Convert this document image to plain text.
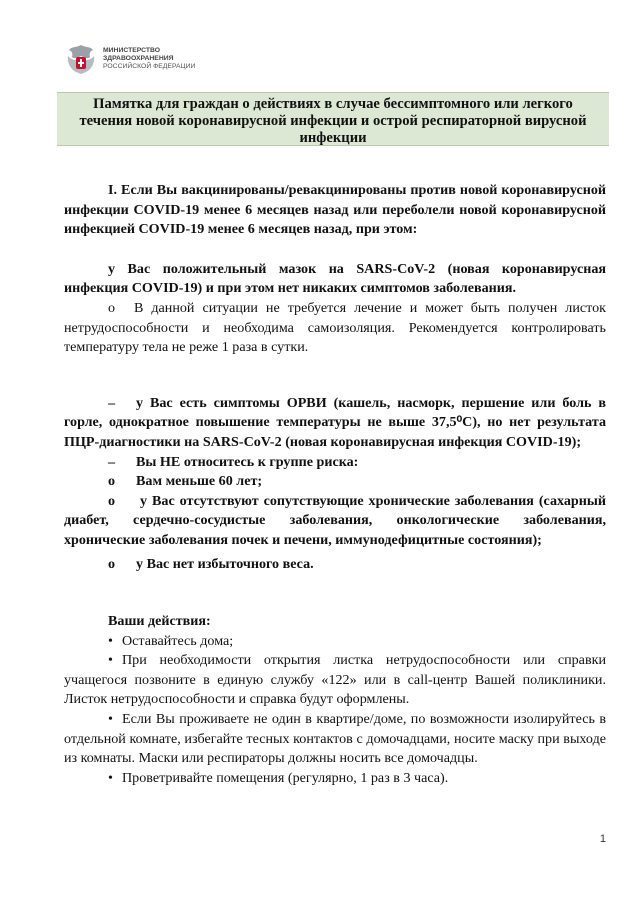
МИНИСТЕРСТВО
ЗДРАВООХРАНЕНИЯ
РОССИЙСКОЙ ФЕДЕРАЦИИ
Памятка для граждан о действиях в случае бессимптомного или легкого течения новой коронавирусной инфекции и острой респираторной вирусной инфекции

I. Если Вы вакцинированы/ревакцинированы против новой коронавирусной инфекции COVID-19 менее 6 месяцев назад или переболели новой коронавирусной инфекцией COVID-19 менее 6 месяцев назад, при этом:

у Вас положительный мазок на SARS-CoV-2 (новая коронавирусная инфекция COVID-19) и при этом нет никаких симптомов заболевания.

o В данной ситуации не требуется лечение и может быть получен листок нетрудоспособности и необходима самоизоляция. Рекомендуется контролировать температуру тела не реже 1 раза в сутки.

– у Вас есть симптомы ОРВИ (кашель, насморк, першение или боль в горле, однократное повышение температуры не выше 37,5⁰С), но нет результата ПЦР-диагностики на SARS-CoV-2 (новая коронавирусная инфекция COVID-19);

– Вы НЕ относитесь к группе риска:

o Вам меньше 60 лет;

o у Вас отсутствуют сопутствующие хронические заболевания (сахарный диабет, сердечно-сосудистые заболевания, онкологические заболевания, хронические заболевания почек и печени, иммунодефицитные состояния);

o у Вас нет избыточного веса.

Ваши действия:

• Оставайтесь дома;

• При необходимости открытия листка нетрудоспособности или справки учащегося позвоните в единую службу «122» или в call-центр Вашей поликлиники. Листок нетрудоспособности и справка будут оформлены.

• Если Вы проживаете не один в квартире/доме, по возможности изолируйтесь в отдельной комнате, избегайте тесных контактов с домочадцами, носите маску при выходе из комнаты. Маски или респираторы должны носить все домочадцы.

• Проветривайте помещения (регулярно, 1 раз в 3 часа).

1
